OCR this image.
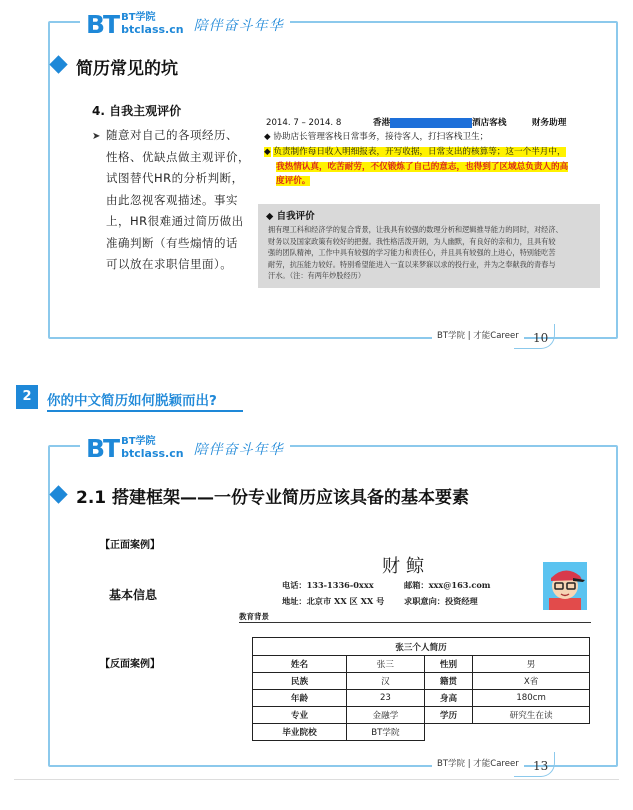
BT BT学院
btclass.cn 陪伴奋斗年华
简历常见的坑
4. 自我主观评价
➤ 随意对自己的各项经历、
性格、优缺点做主观评价，
试图替代HR的分析判断，
由此忽视客观描述。事实
上，HR很难通过简历做出
准确判断（有些煽情的话
可以放在求职信里面）。
2014. 7 – 2014. 8	香港	酒店客栈	财务助理
◆ 协助店长管理客栈日常事务，接待客人，打扫客栈卫生；
◆ 负责制作每日收入明细报表，开写收据，日常支出的核算等；这一个半月中，
我热情认真，吃苦耐劳，不仅锻炼了自己的意志，也得到了区域总负责人的高
度评价。
◆ 自我评价
拥有理工科和经济学的复合背景，让我具有较强的数理分析和逻辑推导能力的同时，对经济、
财务以及国家政策有较好的把握。我性格活泼开朗，为人幽默，有良好的亲和力，且具有较
强的团队精神，工作中具有较强的学习能力和责任心，并且具有较强的上进心，特别能吃苦
耐劳，抗压能力较好。特别希望能进入一直以来梦寐以求的投行业，并为之奉献我的青春与
汗水。（注：有两年炒股经历）
BT学院 | 才能Career	10
2	你的中文简历如何脱颖而出?
BT BT学院
btclass.cn 陪伴奋斗年华
2.1 搭建框架——一份专业简历应该具备的基本要素
【正面案例】
基本信息
【反面案例】
财鲸
电话：133-1336-0xxx	邮箱：xxx@163.com
地址：北京市 XX 区 XX 号 求职意向：投资经理
教育背景
张三个人简历			
姓名	张三	性别	男
民族	汉	籍贯	X省
年龄	23	身高	180cm
专业	金融学	学历	研究生在读
毕业院校	BT学院		
BT学院 | 才能Career	13
